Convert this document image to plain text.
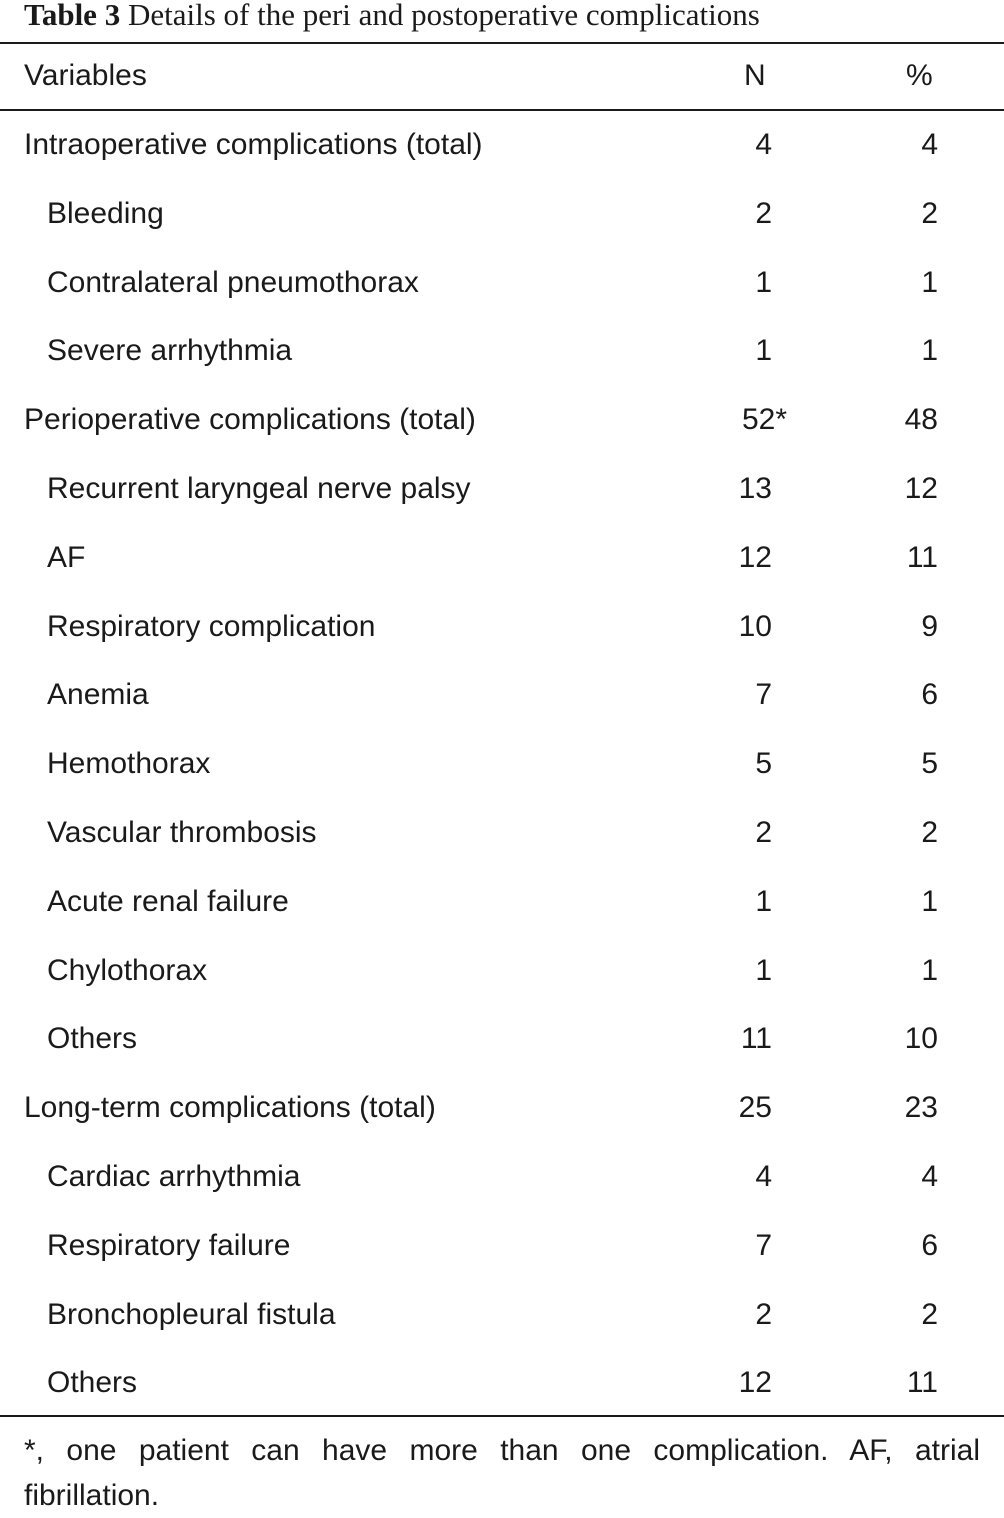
Table 3 Details of the peri and postoperative complications
Variables	N	%
Intraoperative complications (total)	4	4
Bleeding	2	2
Contralateral pneumothorax	1	1
Severe arrhythmia	1	1
Perioperative complications (total)	52*	48
Recurrent laryngeal nerve palsy	13	12
AF	12	11
Respiratory complication	10	9
Anemia	7	6
Hemothorax	5	5
Vascular thrombosis	2	2
Acute renal failure	1	1
Chylothorax	1	1
Others	11	10
Long-term complications (total)	25	23
Cardiac arrhythmia	4	4
Respiratory failure	7	6
Bronchopleural fistula	2	2
Others	12	11
*, one patient can have more than one complication. AF, atrial fibrillation.
